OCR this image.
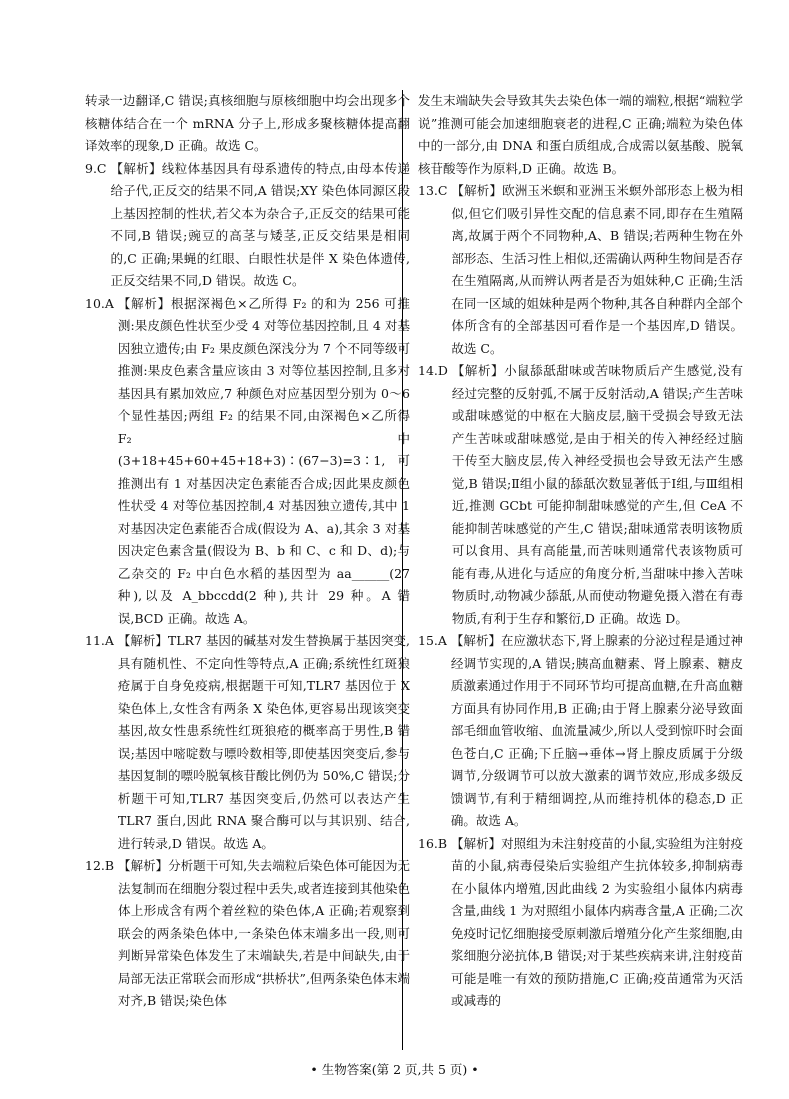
转录一边翻译,C 错误;真核细胞与原核细胞中均会出现多个核糖体结合在一个 mRNA 分子上,形成多聚核糖体提高翻译效率的现象,D 正确。故选 C。

9.C 【解析】线粒体基因具有母系遗传的特点,由母本传递给子代,正反交的结果不同,A 错误;XY 染色体同源区段上基因控制的性状,若父本为杂合子,正反交的结果可能不同,B 错误;豌豆的高茎与矮茎,正反交结果是相同的,C 正确;果蝇的红眼、白眼性状是伴 X 染色体遗传,正反交结果不同,D 错误。故选 C。
10.A 【解析】根据深褐色×乙所得 F₂ 的和为 256 可推测:果皮颜色性状至少受 4 对等位基因控制,且 4 对基因独立遗传;由 F₂ 果皮颜色深浅分为 7 个不同等级可推测:果皮色素含量应该由 3 对等位基因控制,且多对基因具有累加效应,7 种颜色对应基因型分别为 0～6 个显性基因;两组 F₂ 的结果不同,由深褐色×乙所得 F₂ 中(3+18+45+60+45+18+3)∶(67−3)=3∶1,可推测出有 1 对基因决定色素能否合成;因此果皮颜色性状受 4 对等位基因控制,4 对基因独立遗传,其中 1 对基因决定色素能否合成(假设为 A、a),其余 3 对基因决定色素含量(假设为 B、b 和 C、c 和 D、d);与乙杂交的 F₂ 中白色水稻的基因型为 aa______(27 种),以及 A_bbccdd(2 种),共计 29 种。A 错误,BCD 正确。故选 A。
11.A 【解析】TLR7 基因的碱基对发生替换属于基因突变,具有随机性、不定向性等特点,A 正确;系统性红斑狼疮属于自身免疫病,根据题干可知,TLR7 基因位于 X 染色体上,女性含有两条 X 染色体,更容易出现该突变基因,故女性患系统性红斑狼疮的概率高于男性,B 错误;基因中嘧啶数与嘌呤数相等,即使基因突变后,参与基因复制的嘌呤脱氧核苷酸比例仍为 50%,C 错误;分析题干可知,TLR7 基因突变后,仍然可以表达产生 TLR7 蛋白,因此 RNA 聚合酶可以与其识别、结合,进行转录,D 错误。故选 A。
12.B 【解析】分析题干可知,失去端粒后染色体可能因为无法复制而在细胞分裂过程中丢失,或者连接到其他染色体上形成含有两个着丝粒的染色体,A 正确;若观察到联会的两条染色体中,一条染色体末端多出一段,则可判断异常染色体发生了末端缺失,若是中间缺失,由于局部无法正常联会而形成“拱桥状”,但两条染色体末端对齐,B 错误;染色体

发生末端缺失会导致其失去染色体一端的端粒,根据“端粒学说”推测可能会加速细胞衰老的进程,C 正确;端粒为染色体中的一部分,由 DNA 和蛋白质组成,合成需以氨基酸、脱氧核苷酸等作为原料,D 正确。故选 B。

13.C 【解析】欧洲玉米螟和亚洲玉米螟外部形态上极为相似,但它们吸引异性交配的信息素不同,即存在生殖隔离,故属于两个不同物种,A、B 错误;若两种生物在外部形态、生活习性上相似,还需确认两种生物间是否存在生殖隔离,从而辨认两者是否为姐妹种,C 正确;生活在同一区域的姐妹种是两个物种,其各自种群内全部个体所含有的全部基因可看作是一个基因库,D 错误。故选 C。
14.D 【解析】小鼠舔舐甜味或苦味物质后产生感觉,没有经过完整的反射弧,不属于反射活动,A 错误;产生苦味或甜味感觉的中枢在大脑皮层,脑干受损会导致无法产生苦味或甜味感觉,是由于相关的传入神经经过脑干传至大脑皮层,传入神经受损也会导致无法产生感觉,B 错误;Ⅱ组小鼠的舔舐次数显著低于Ⅰ组,与Ⅲ组相近,推测 GCbt 可能抑制甜味感觉的产生,但 CeA 不能抑制苦味感觉的产生,C 错误;甜味通常表明该物质可以食用、具有高能量,而苦味则通常代表该物质可能有毒,从进化与适应的角度分析,当甜味中掺入苦味物质时,动物减少舔舐,从而使动物避免摄入潜在有毒物质,有利于生存和繁衍,D 正确。故选 D。
15.A 【解析】在应激状态下,肾上腺素的分泌过程是通过神经调节实现的,A 错误;胰高血糖素、肾上腺素、糖皮质激素通过作用于不同环节均可提高血糖,在升高血糖方面具有协同作用,B 正确;由于肾上腺素分泌导致面部毛细血管收缩、血流量减少,所以人受到惊吓时会面色苍白,C 正确;下丘脑→垂体→肾上腺皮质属于分级调节,分级调节可以放大激素的调节效应,形成多级反馈调节,有利于精细调控,从而维持机体的稳态,D 正确。故选 A。
16.B 【解析】对照组为未注射疫苗的小鼠,实验组为注射疫苗的小鼠,病毒侵染后实验组产生抗体较多,抑制病毒在小鼠体内增殖,因此曲线 2 为实验组小鼠体内病毒含量,曲线 1 为对照组小鼠体内病毒含量,A 正确;二次免疫时记忆细胞接受原刺激后增殖分化产生浆细胞,由浆细胞分泌抗体,B 错误;对于某些疾病来讲,注射疫苗可能是唯一有效的预防措施,C 正确;疫苗通常为灭活或减毒的
• 生物答案(第 2 页,共 5 页) •
